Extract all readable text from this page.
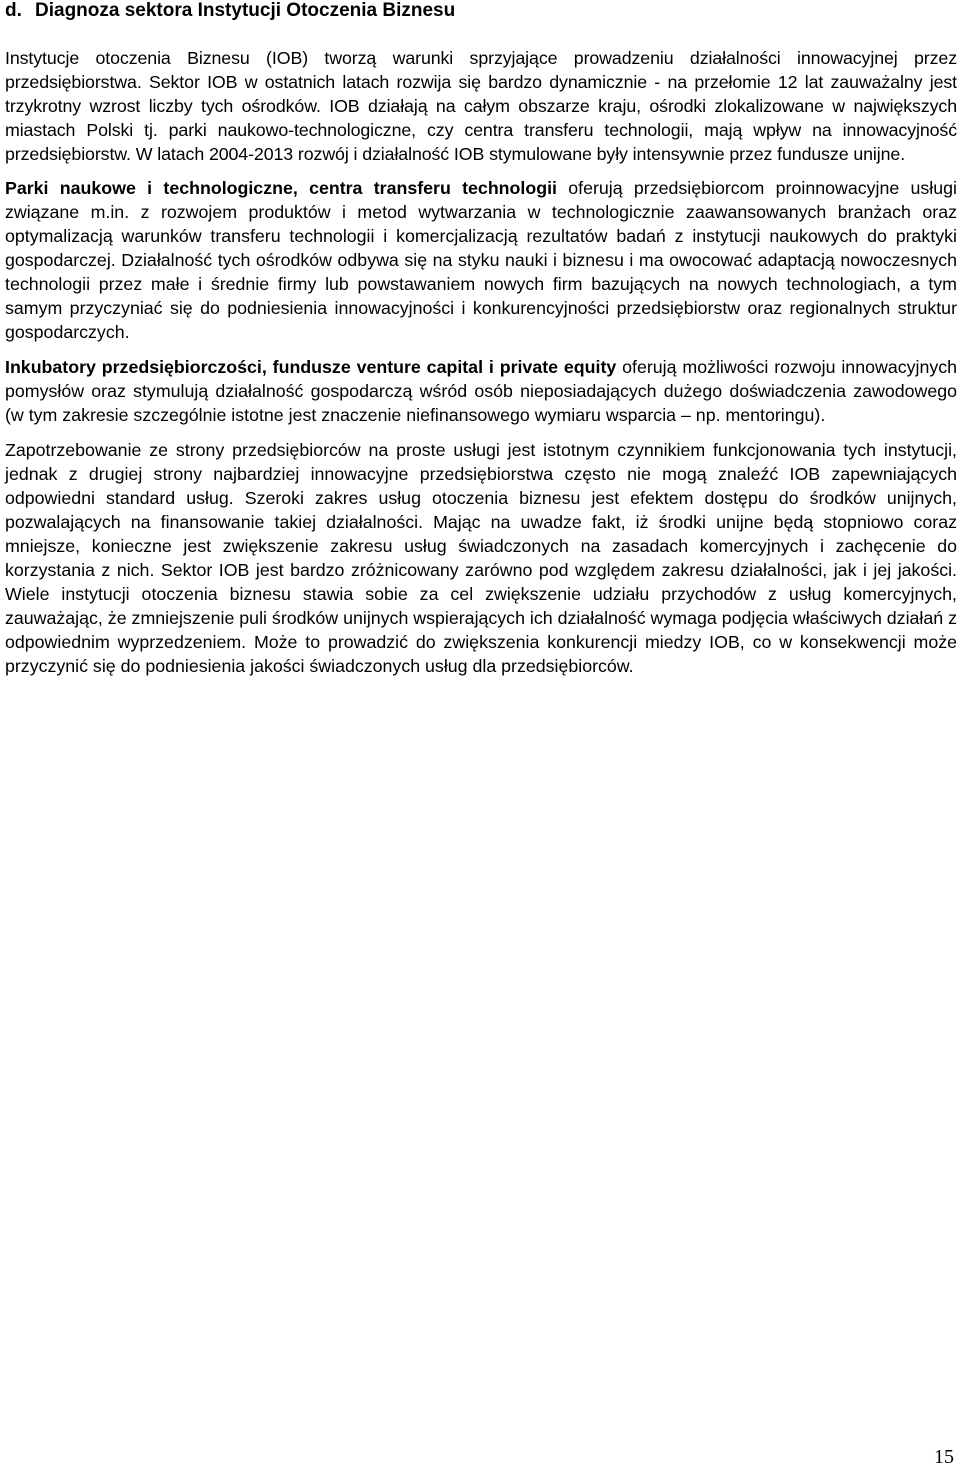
d. Diagnoza sektora Instytucji Otoczenia Biznesu

Instytucje otoczenia Biznesu (IOB) tworzą warunki sprzyjające prowadzeniu działalności innowacyjnej przez przedsiębiorstwa. Sektor IOB w ostatnich latach rozwija się bardzo dynamicznie - na przełomie 12 lat zauważalny jest trzykrotny wzrost liczby tych ośrodków. IOB działają na całym obszarze kraju, ośrodki zlokalizowane w największych miastach Polski tj. parki naukowo-technologiczne, czy centra transferu technologii, mają wpływ na innowacyjność przedsiębiorstw. W latach 2004-2013 rozwój i działalność IOB stymulowane były intensywnie przez fundusze unijne.

Parki naukowe i technologiczne, centra transferu technologii oferują przedsiębiorcom proinnowacyjne usługi związane m.in. z rozwojem produktów i metod wytwarzania w technologicznie zaawansowanych branżach oraz optymalizacją warunków transferu technologii i komercjalizacją rezultatów badań z instytucji naukowych do praktyki gospodarczej. Działalność tych ośrodków odbywa się na styku nauki i biznesu i ma owocować adaptacją nowoczesnych technologii przez małe i średnie firmy lub powstawaniem nowych firm bazujących na nowych technologiach, a tym samym przyczyniać się do podniesienia innowacyjności i konkurencyjności przedsiębiorstw oraz regionalnych struktur gospodarczych.

Inkubatory przedsiębiorczości, fundusze venture capital i private equity oferują możliwości rozwoju innowacyjnych pomysłów oraz stymulują działalność gospodarczą wśród osób nieposiadających dużego doświadczenia zawodowego (w tym zakresie szczególnie istotne jest znaczenie niefinansowego wymiaru wsparcia – np. mentoringu).

Zapotrzebowanie ze strony przedsiębiorców na proste usługi jest istotnym czynnikiem funkcjonowania tych instytucji, jednak z drugiej strony najbardziej innowacyjne przedsiębiorstwa często nie mogą znaleźć IOB zapewniających odpowiedni standard usług. Szeroki zakres usług otoczenia biznesu jest efektem dostępu do środków unijnych, pozwalających na finansowanie takiej działalności. Mając na uwadze fakt, iż środki unijne będą stopniowo coraz mniejsze, konieczne jest zwiększenie zakresu usług świadczonych na zasadach komercyjnych i zachęcenie do korzystania z nich. Sektor IOB jest bardzo zróżnicowany zarówno pod względem zakresu działalności, jak i jej jakości. Wiele instytucji otoczenia biznesu stawia sobie za cel zwiększenie udziału przychodów z usług komercyjnych, zauważając, że zmniejszenie puli środków unijnych wspierających ich działalność wymaga podjęcia właściwych działań z odpowiednim wyprzedzeniem. Może to prowadzić do zwiększenia konkurencji miedzy IOB, co w konsekwencji może przyczynić się do podniesienia jakości świadczonych usług dla przedsiębiorców.

15
